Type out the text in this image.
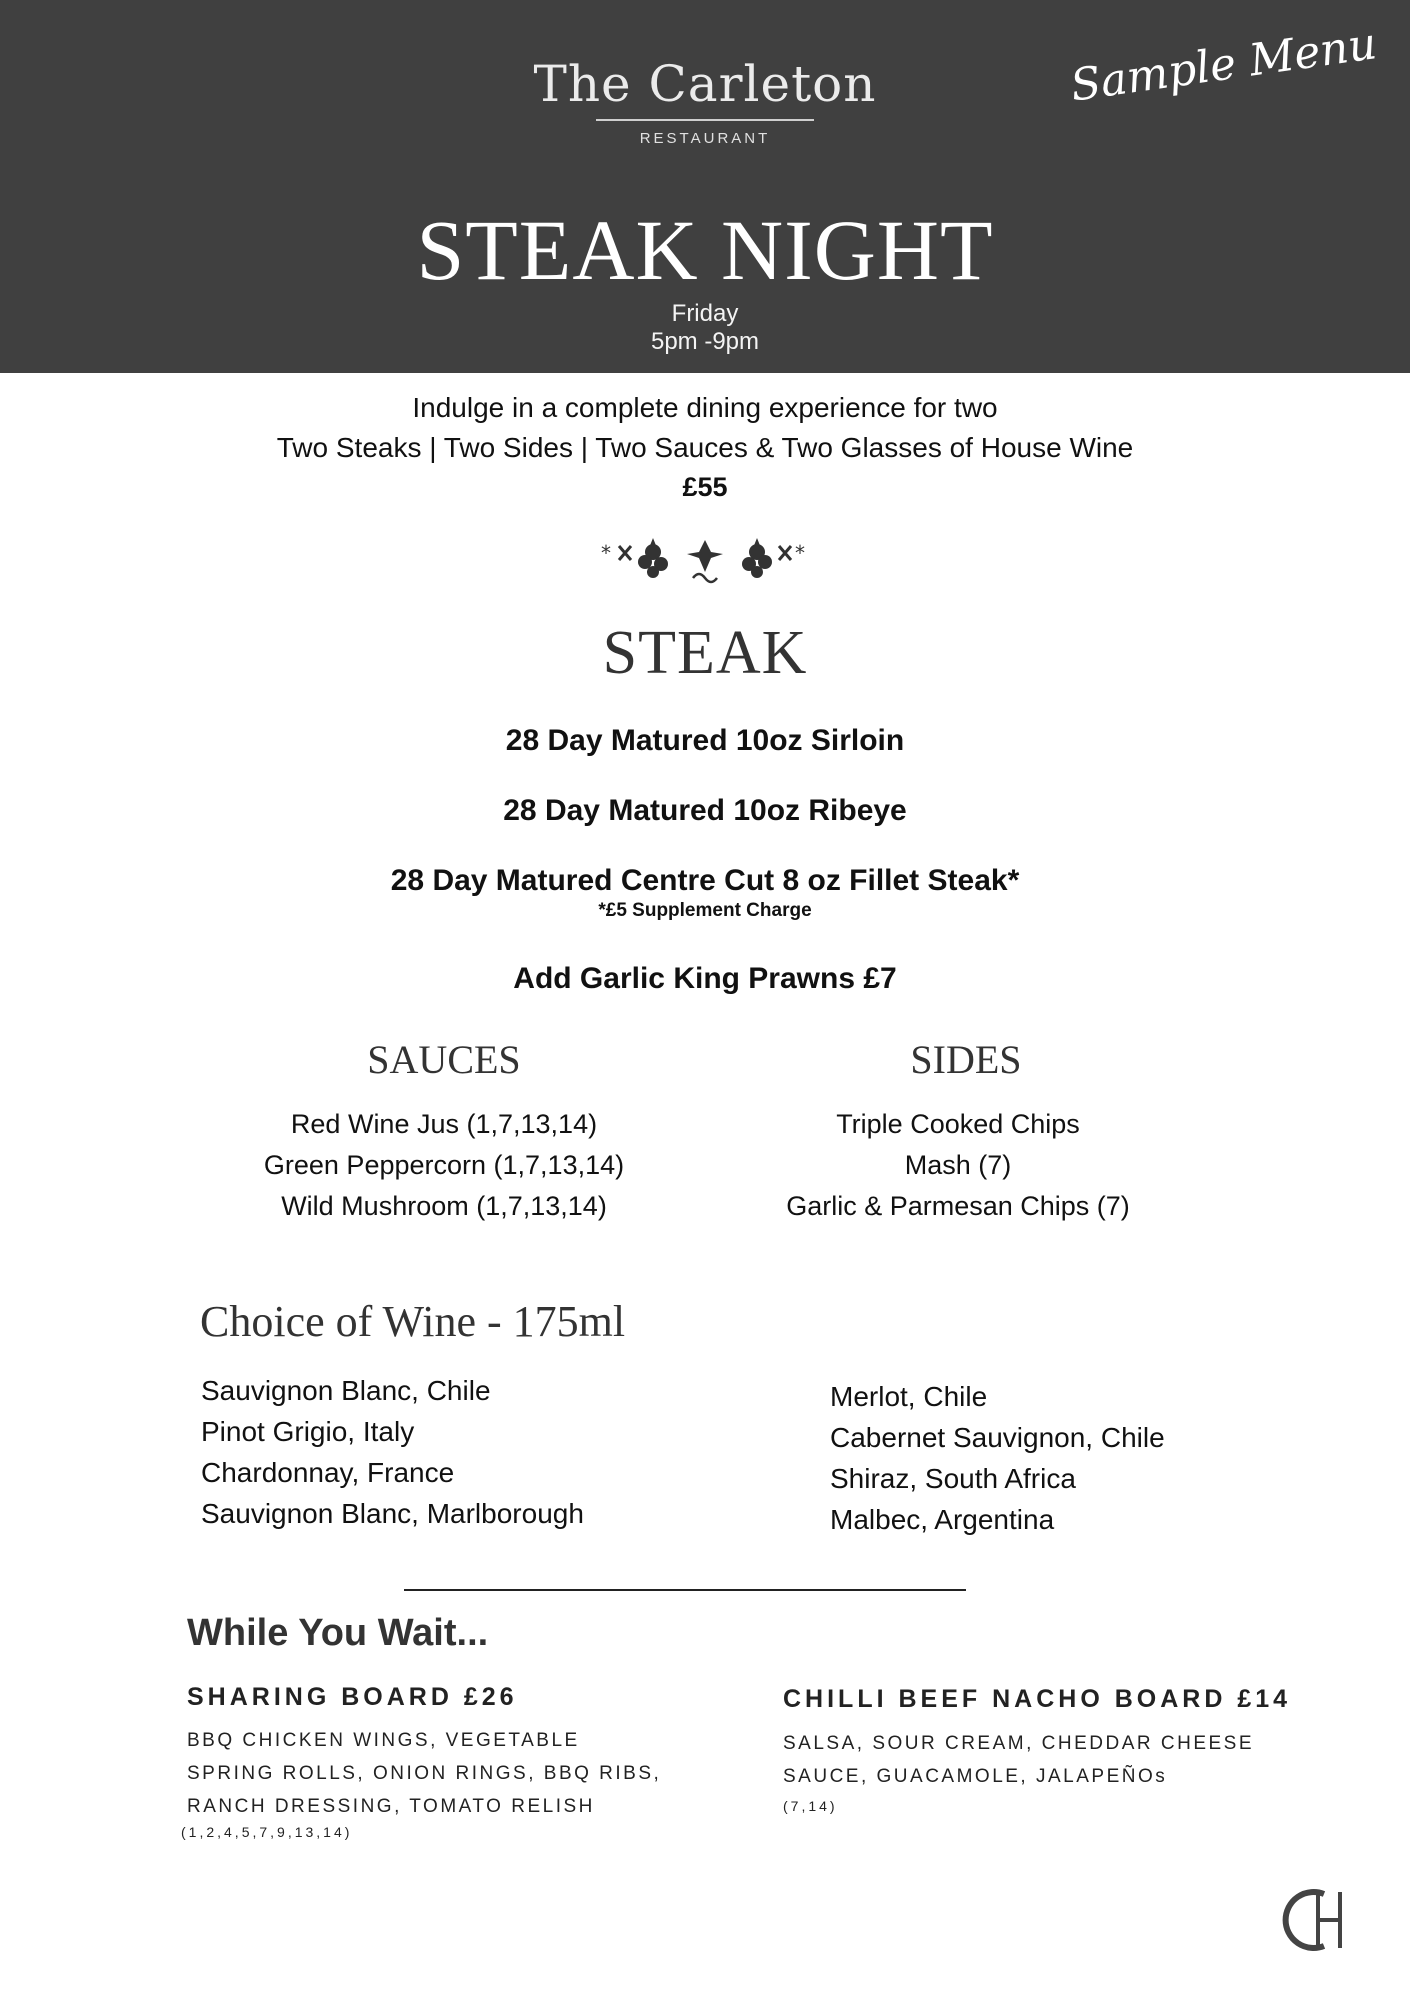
The Carleton
RESTAURANT
Sample Menu
STEAK NIGHT
Friday
5pm -9pm
Indulge in a complete dining experience for two
Two Steaks | Two Sides | Two Sauces & Two Glasses of House Wine
£55
*	*
STEAK
28 Day Matured 10oz Sirloin
28 Day Matured 10oz Ribeye
28 Day Matured Centre Cut 8 oz Fillet Steak*
*£5 Supplement Charge
Add Garlic King Prawns £7
SAUCES
Red Wine Jus (1,7,13,14)
Green Peppercorn (1,7,13,14)
Wild Mushroom (1,7,13,14)
SIDES
Triple Cooked Chips
Mash (7)
Garlic & Parmesan Chips (7)
Choice of Wine - 175ml
Sauvignon Blanc, Chile
Pinot Grigio, Italy
Chardonnay, France
Sauvignon Blanc, Marlborough
Merlot, Chile
Cabernet Sauvignon, Chile
Shiraz, South Africa
Malbec, Argentina
While You Wait...
SHARING BOARD £26
BBQ CHICKEN WINGS, VEGETABLE
SPRING ROLLS, ONION RINGS, BBQ RIBS,
RANCH DRESSING, TOMATO RELISH
(1,2,4,5,7,9,13,14)
CHILLI BEEF NACHO BOARD £14
SALSA, SOUR CREAM, CHEDDAR CHEESE
SAUCE, GUACAMOLE, JALAPEÑOs
(7,14)
